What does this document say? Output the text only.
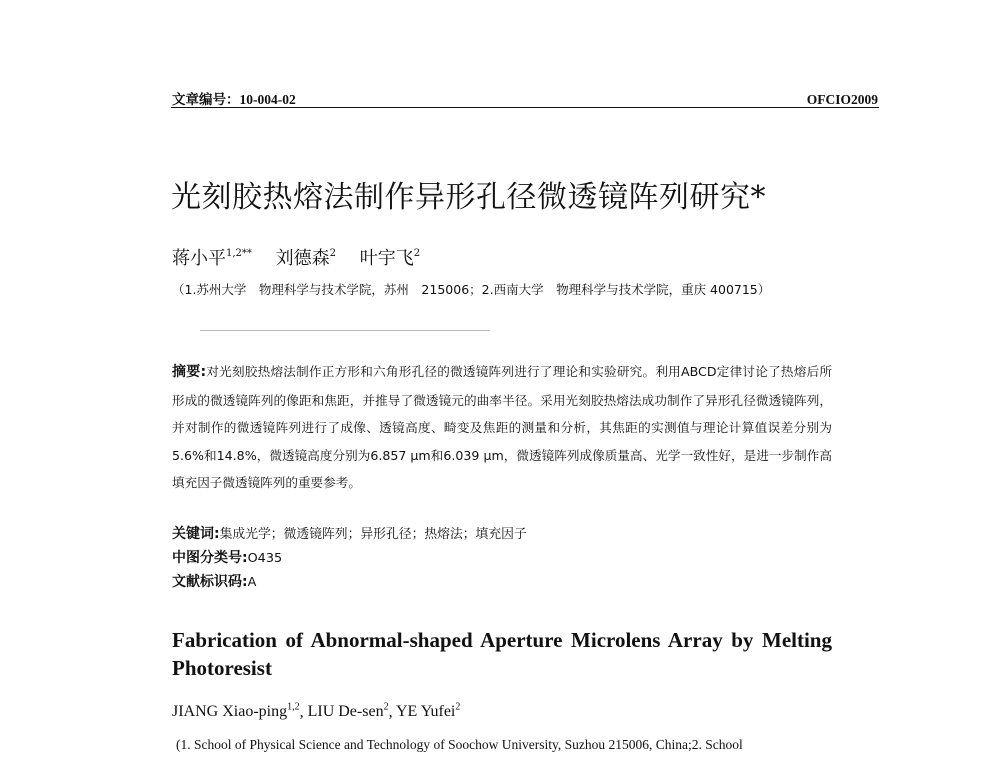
文章编号：10-004-02	OFCIO2009
光刻胶热熔法制作异形孔径微透镜阵列研究*
蒋小平$^{1,2**}$ 刘德森$^2$ 叶宇飞$^2$
（1.苏州大学　物理科学与技术学院，苏州　215006；2.西南大学　物理科学与技术学院，重庆 400715）
摘要:对光刻胶热熔法制作正方形和六角形孔径的微透镜阵列进行了理论和实验研究。利用ABCD定律讨论了热熔后所形成的微透镜阵列的像距和焦距，并推导了微透镜元的曲率半径。采用光刻胶热熔法成功制作了异形孔径微透镜阵列，并对制作的微透镜阵列进行了成像、透镜高度、畸变及焦距的测量和分析，其焦距的实测值与理论计算值误差分别为5.6%和14.8%，微透镜高度分别为6.857 μm和6.039 μm，微透镜阵列成像质量高、光学一致性好，是进一步制作高填充因子微透镜阵列的重要参考。
关键词:集成光学；微透镜阵列；异形孔径；热熔法；填充因子
中图分类号:O435
文献标识码:A
Fabrication of Abnormal-shaped Aperture Microlens Array by Melting Photoresist
JIANG Xiao-ping$^{1,2}$, LIU De-sen$^2$, YE Yufei$^2$
(1. School of Physical Science and Technology of Soochow University, Suzhou 215006, China;2. School
